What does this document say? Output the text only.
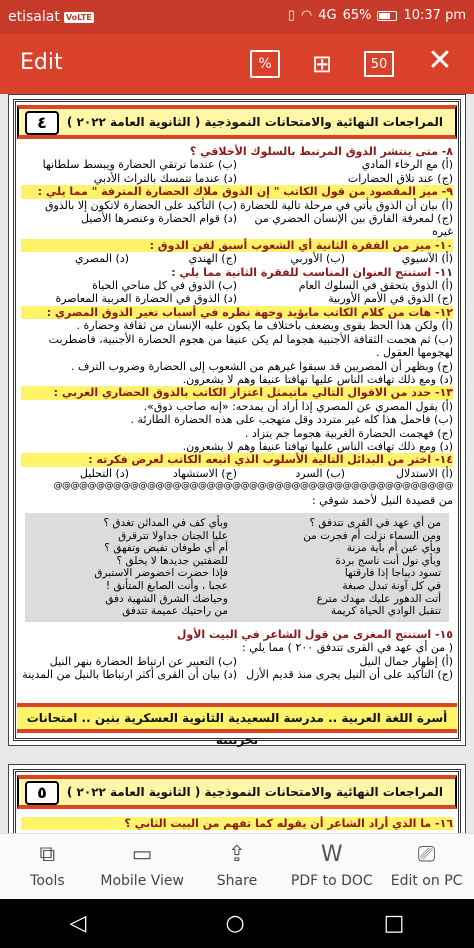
etisalat VoLTE	▯ ◠ 4G 65% 10:37 pm
Edit	%	⊞	50 ✕
٤	المراجعات النهائية والامتحانات النموذجية ( الثانوية العامة ٢٠٢٢ )
٨- متى ينتشر الذوق المرتبط بالسلوك الأخلاقي ؟
(أ) مع الرخاء المادي
(ب) عندما ترتقي الحضارة ويبسط سلطانها
(ج) عند تلاق الحضارات
(د) عندما تتمسك بالتراث الأدبي
٩- ميز المقصود من قول الكاتب " إن الذوق ملاك الحضارة المترفة " مما يلي :
(أ) بيان أن الذوق يأتي في مرحلة تالية للحضارة
(ب) التأكيد على الحضارة لاتكون إلا بالذوق
(ج) لمعرفة الفارق بين الإنسان الحضري من غيره
(د) قوام الحضارة وعنصرها الأصيل
١٠- ميز من الفقرة الثانية أي الشعوب أسبق لفن الذوق :
(أ) الآسيوي
(ب) الأوربي
(ج) الهندي
(د) المصري
١١- استنتج العنوان المناسب للفقرة الثانية مما يلي :
(أ) الذوق يتحقق في السلوك العام
(ب) الذوق في كل مناحي الحياة
(ج) الذوق في الأمم الأوربية
(د) الذوق في الحضارة العربية المعاصرة
١٢- هات من كلام الكاتب مايؤيد وجهة نظره في أسباب تغير الذوق المصري :
(أ) ولكن هذا الحظ يقوى ويضعف باختلاف ما يكون عليه الإنسان من ثقافة وحضارة .
(ب) ثم هجمت الثقافة الأجنبية هجوما لم يكن عنيفا من هجوم الحضارة الأجنبية، فاضطربت لهجومها العقول .
(ج) وبظهر أن المصريين قد سبقوا غيرهم من الشعوب إلى الحضارة وضروب الترف .
(د) ومع ذلك تهافت الناس عليها تهافتا عنيفا وهم لا يشعرون.
١٣- حدد من الاقوال التالي ماتيمثل اعتزاز الكاتب بالذوق الحضاري العربي :
(أ) يقول المصري عن المصري إذا أراد أن يمدحه: «إنه صاحب ذوق».
(ب) فاحمل هذا كله غير متردد وقل متهجب على هذه الحضارة الطارئة .
(ج) فهجمت الحضارة الغربية هجوما جم يتزاد .
(د) ومع ذلك تهافت الناس عليها تهافتا عنيفا وهم لا يشعرون.
١٤- اختر من البدائل التالية الأسلوب الذي اتبعه الكاتب لعرض فكرته :
(أ) الاستدلال
(ب) السرد
(ج) الاستشهاد
(د) التحليل
@@@@@@@@@@@@@@@@@@@@@@@@@@@@@@@@@@@@@@@@@@@@@@@
من قصيدة النيل لأحمد شوقي :
من أي عهد في القرى تتدفق ؟
وبأي كف في المدائن تغدق ؟
ومن السماء نزلت أم فجرت من
عليا الجنان جداولا تترقرق
وبأي عين أم بأية مزنة
أم أي طوفان تفيض وتفهق ؟
وبأي نول أنت ناسج بردة
للضفتين جديدها لا يخلق ؟
تسود ديباجا إذا فارقتها
فإذا حضرت اخضوضر الاستبرق
في كل آونة تبدل صبغة
عجبا ، وأنت الصابغ المتأنق !
أتت الدهور عليك مهدك مترع
وحياضك الشرق الشهية دفق
تتقبل الوادي الحياة كريمة
من راحتيك عميمة تتدفق
١٥- استنتج المغزى من قول الشاعر في البيت الأول
( من أي عهد في القرى تتدفق ٢٠٠ ) مما يلي :
(أ) إظهار جمال النيل
(ب) التعبير عن ارتباط الحضارة بنهر النيل
(ج) التأكيد على أن النيل يجرى منذ قديم الأزل
(د) بيان أن القرى أكثر ارتباطا بالنيل من المدينة
أسرة اللغة العربية .. مدرسة السعيدية الثانوية العسكرية بنين .. امتحانات تجريبية
٥	المراجعات النهائية والامتحانات النموذجية ( الثانوية العامة ٢٠٢٢ )
١٦- ما الذي أراد الشاعر أن يقوله كما تفهم من البيت الثاني ؟
⧉
Tools
▭
Mobile View
⇪
Share
W
PDF to DOC
⎚
Edit on PC
◁	○	□
